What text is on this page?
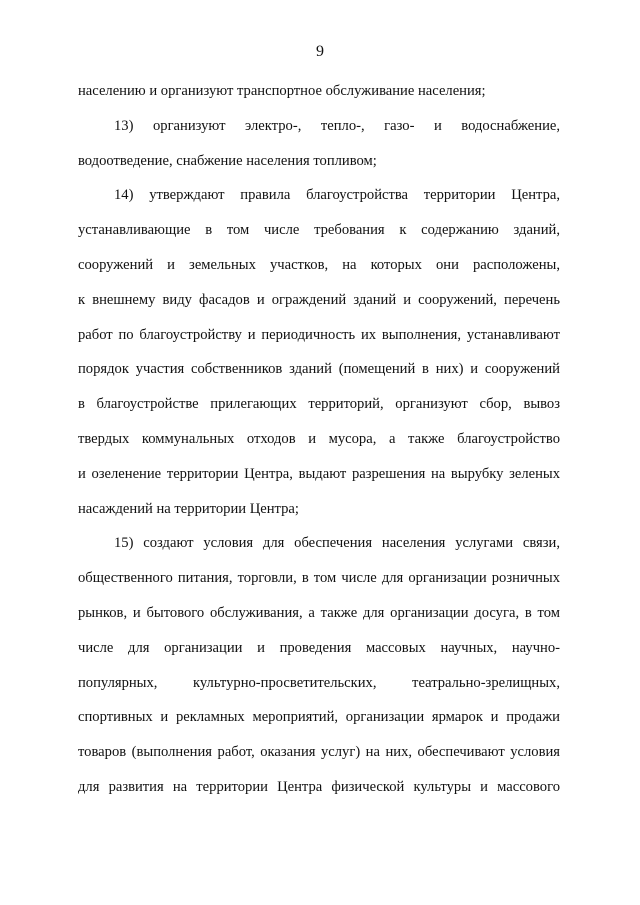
9
населению и организуют транспортное обслуживание населения;
13) организуют электро-, тепло-, газо- и водоснабжение,
водоотведение, снабжение населения топливом;
14) утверждают правила благоустройства территории Центра,
устанавливающие в том числе требования к содержанию зданий,
сооружений и земельных участков, на которых они расположены,
к внешнему виду фасадов и ограждений зданий и сооружений, перечень
работ по благоустройству и периодичность их выполнения, устанавливают
порядок участия собственников зданий (помещений в них) и сооружений
в благоустройстве прилегающих территорий, организуют сбор, вывоз
твердых коммунальных отходов и мусора, а также благоустройство
и озеленение территории Центра, выдают разрешения на вырубку зеленых
насаждений на территории Центра;
15) создают условия для обеспечения населения услугами связи,
общественного питания, торговли, в том числе для организации розничных
рынков, и бытового обслуживания, а также для организации досуга, в том
числе для организации и проведения массовых научных, научно-
популярных, культурно-просветительских, театрально-зрелищных,
спортивных и рекламных мероприятий, организации ярмарок и продажи
товаров (выполнения работ, оказания услуг) на них, обеспечивают условия
для развития на территории Центра физической культуры и массового
